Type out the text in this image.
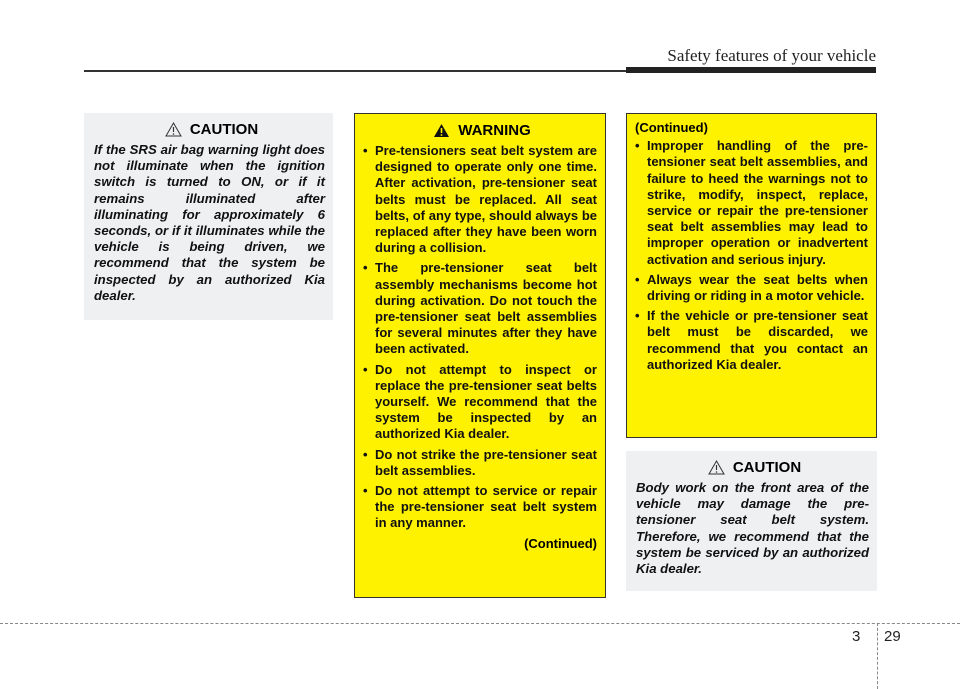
Safety features of your vehicle
CAUTION

If the SRS air bag warning light does not illuminate when the ignition switch is turned to ON, or if it remains illuminated after illuminating for approximately 6 seconds, or if it illuminates while the vehicle is being driven, we recommend that the system be inspected by an authorized Kia dealer.

WARNING
• Pre-tensioners seat belt system are designed to operate only one time. After activation, pre-tensioner seat belts must be replaced. All seat belts, of any type, should always be replaced after they have been worn during a collision.
• The pre-tensioner seat belt assembly mechanisms become hot during activation. Do not touch the pre-tensioner seat belt assemblies for several minutes after they have been activated.
• Do not attempt to inspect or replace the pre-tensioner seat belts yourself. We recommend that the system be inspected by an authorized Kia dealer.
• Do not strike the pre-tensioner seat belt assemblies.
• Do not attempt to service or repair the pre-tensioner seat belt system in any manner.
(Continued)
(Continued)
• Improper handling of the pre-tensioner seat belt assemblies, and failure to heed the warnings not to strike, modify, inspect, replace, service or repair the pre-tensioner seat belt assemblies may lead to improper operation or inadvertent activation and serious injury.
• Always wear the seat belts when driving or riding in a motor vehicle.
• If the vehicle or pre-tensioner seat belt must be discarded, we recommend that you contact an authorized Kia dealer.
CAUTION

Body work on the front area of the vehicle may damage the pre-tensioner seat belt system. Therefore, we recommend that the system be serviced by an authorized Kia dealer.

3 29
